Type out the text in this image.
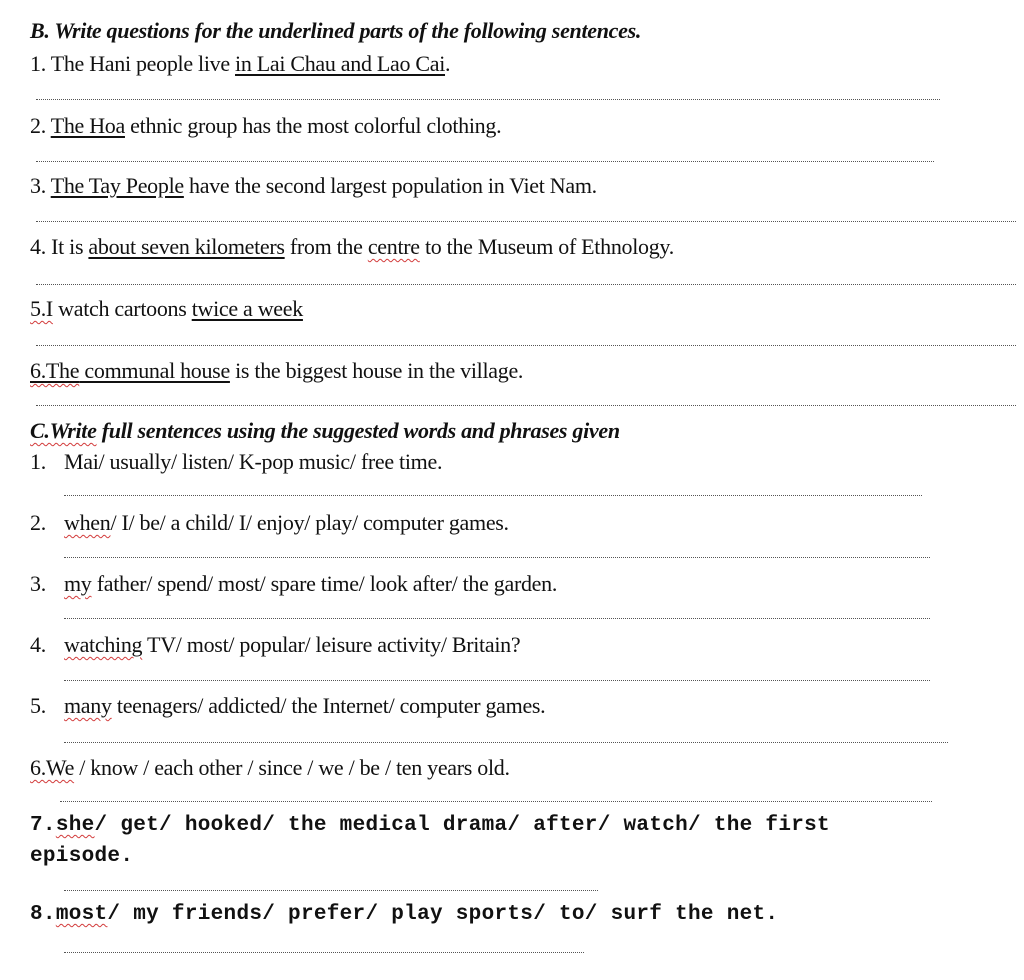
B. Write questions for the underlined parts of the following sentences.
1. The Hani people live in Lai Chau and Lao Cai.
2. The Hoa ethnic group has the most colorful clothing.
3. The Tay People have the second largest population in Viet Nam.
4. It is about seven kilometers from the centre to the Museum of Ethnology.
5.I watch cartoons twice a week
6.The communal house is the biggest house in the village.
C.Write full sentences using the suggested words and phrases given
1. Mai/ usually/ listen/ K-pop music/ free time.
2. when/ I/ be/ a child/ I/ enjoy/ play/ computer games.
3. my father/ spend/ most/ spare time/ look after/ the garden.
4. watching TV/ most/ popular/ leisure activity/ Britain?
5. many teenagers/ addicted/ the Internet/ computer games.
6.We / know / each other / since / we / be / ten years old.
7.she/ get/ hooked/ the medical drama/ after/ watch/ the first
episode.
8.most/ my friends/ prefer/ play sports/ to/ surf the net.
